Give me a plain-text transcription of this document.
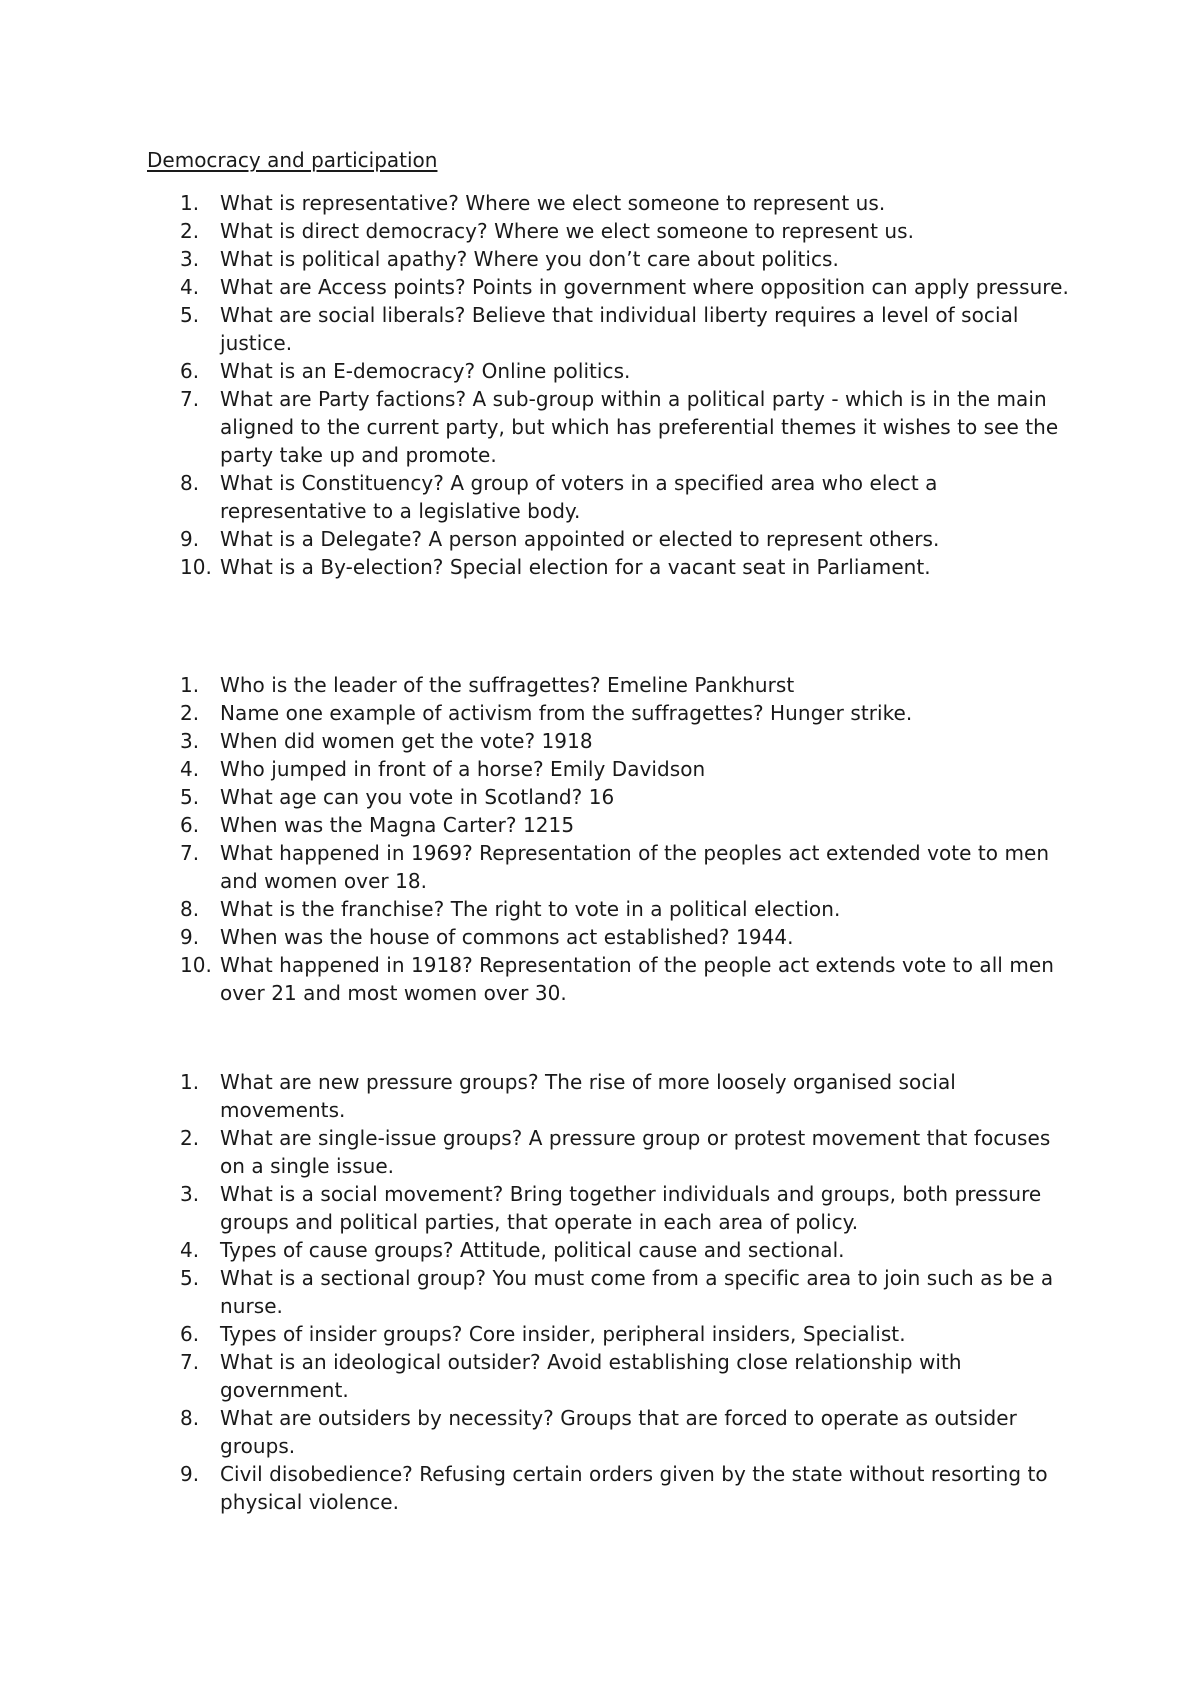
Democracy and participation
1.	What is representative? Where we elect someone to represent us.
2.	What is direct democracy? Where we elect someone to represent us.
3.	What is political apathy? Where you don’t care about politics.
4.	What are Access points? Points in government where opposition can apply pressure.
5.	What are social liberals? Believe that individual liberty requires a level of social justice.
6.	What is an E-democracy? Online politics.
7.	What are Party factions? A sub-group within a political party - which is in the main aligned to the current party, but which has preferential themes it wishes to see the party take up and promote.
8.	What is Constituency? A group of voters in a specified area who elect a representative to a legislative body.
9.	What is a Delegate? A person appointed or elected to represent others.
10. What is a By-election? Special election for a vacant seat in Parliament.
1.	Who is the leader of the suffragettes? Emeline Pankhurst
2.	Name one example of activism from the suffragettes? Hunger strike.
3.	When did women get the vote? 1918
4.	Who jumped in front of a horse? Emily Davidson
5.	What age can you vote in Scotland? 16
6.	When was the Magna Carter? 1215
7.	What happened in 1969? Representation of the peoples act extended vote to men and women over 18.
8.	What is the franchise? The right to vote in a political election.
9.	When was the house of commons act established? 1944.
10. What happened in 1918? Representation of the people act extends vote to all men over 21 and most women over 30.
1.	What are new pressure groups? The rise of more loosely organised social movements.
2.	What are single-issue groups? A pressure group or protest movement that focuses on a single issue.
3.	What is a social movement? Bring together individuals and groups, both pressure groups and political parties, that operate in each area of policy.
4.	Types of cause groups? Attitude, political cause and sectional.
5.	What is a sectional group? You must come from a specific area to join such as be a nurse.
6.	Types of insider groups? Core insider, peripheral insiders, Specialist.
7.	What is an ideological outsider? Avoid establishing close relationship with government.
8.	What are outsiders by necessity? Groups that are forced to operate as outsider groups.
9.	Civil disobedience? Refusing certain orders given by the state without resorting to physical violence.
